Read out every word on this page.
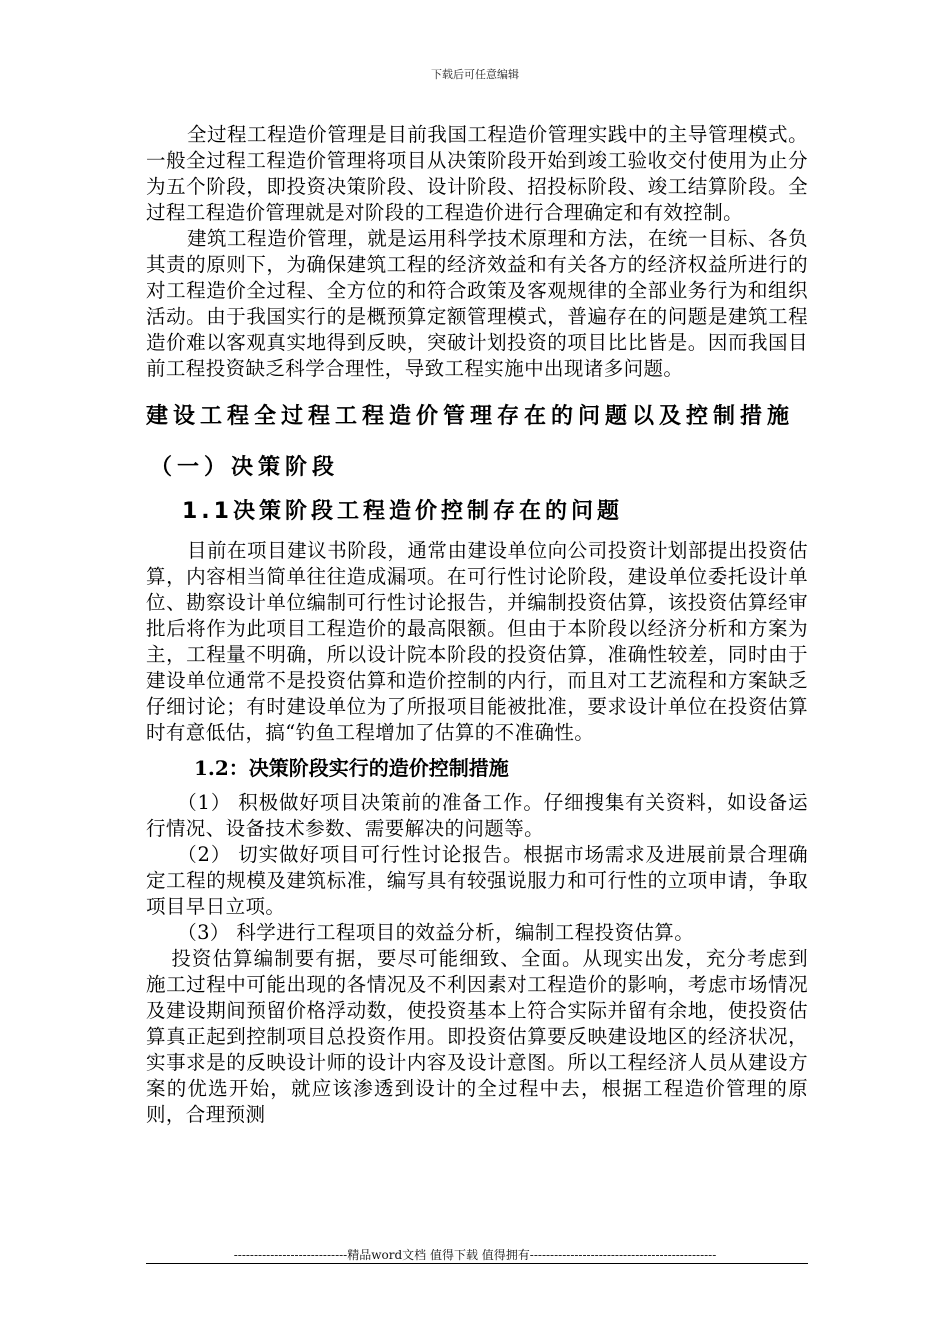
下载后可任意编辑

全过程工程造价管理是目前我国工程造价管理实践中的主导管理模式。一般全过程工程造价管理将项目从决策阶段开始到竣工验收交付使用为止分为五个阶段，即投资决策阶段、设计阶段、招投标阶段、竣工结算阶段。全过程工程造价管理就是对阶段的工程造价进行合理确定和有效控制。

建筑工程造价管理，就是运用科学技术原理和方法，在统一目标、各负其责的原则下，为确保建筑工程的经济效益和有关各方的经济权益所进行的对工程造价全过程、全方位的和符合政策及客观规律的全部业务行为和组织活动。由于我国实行的是概预算定额管理模式，普遍存在的问题是建筑工程造价难以客观真实地得到反映，突破计划投资的项目比比皆是。因而我国目前工程投资缺乏科学合理性，导致工程实施中出现诸多问题。

建设工程全过程工程造价管理存在的问题以及控制措施
（一）决策阶段
1.1决策阶段工程造价控制存在的问题

目前在项目建议书阶段，通常由建设单位向公司投资计划部提出投资估算，内容相当简单往往造成漏项。在可行性讨论阶段，建设单位委托设计单位、勘察设计单位编制可行性讨论报告，并编制投资估算，该投资估算经审批后将作为此项目工程造价的最高限额。但由于本阶段以经济分析和方案为主，工程量不明确，所以设计院本阶段的投资估算，准确性较差，同时由于建设单位通常不是投资估算和造价控制的内行，而且对工艺流程和方案缺乏仔细讨论；有时建设单位为了所报项目能被批准，要求设计单位在投资估算时有意低估，搞“钓鱼工程增加了估算的不准确性。

1.2：决策阶段实行的造价控制措施

（1） 积极做好项目决策前的准备工作。仔细搜集有关资料，如设备运行情况、设备技术参数、需要解决的问题等。

（2） 切实做好项目可行性讨论报告。根据市场需求及进展前景合理确定工程的规模及建筑标准，编写具有较强说服力和可行性的立项申请，争取项目早日立项。

（3） 科学进行工程项目的效益分析，编制工程投资估算。

投资估算编制要有据，要尽可能细致、全面。从现实出发，充分考虑到施工过程中可能出现的各情况及不利因素对工程造价的影响，考虑市场情况及建设期间预留价格浮动数，使投资基本上符合实际并留有余地，使投资估算真正起到控制项目总投资作用。即投资估算要反映建设地区的经济状况，实事求是的反映设计师的设计内容及设计意图。所以工程经济人员从建设方案的优选开始，就应该渗透到设计的全过程中去，根据工程造价管理的原则，合理预测

----------------------------精品word文档 值得下载 值得拥有----------------------------------------------
